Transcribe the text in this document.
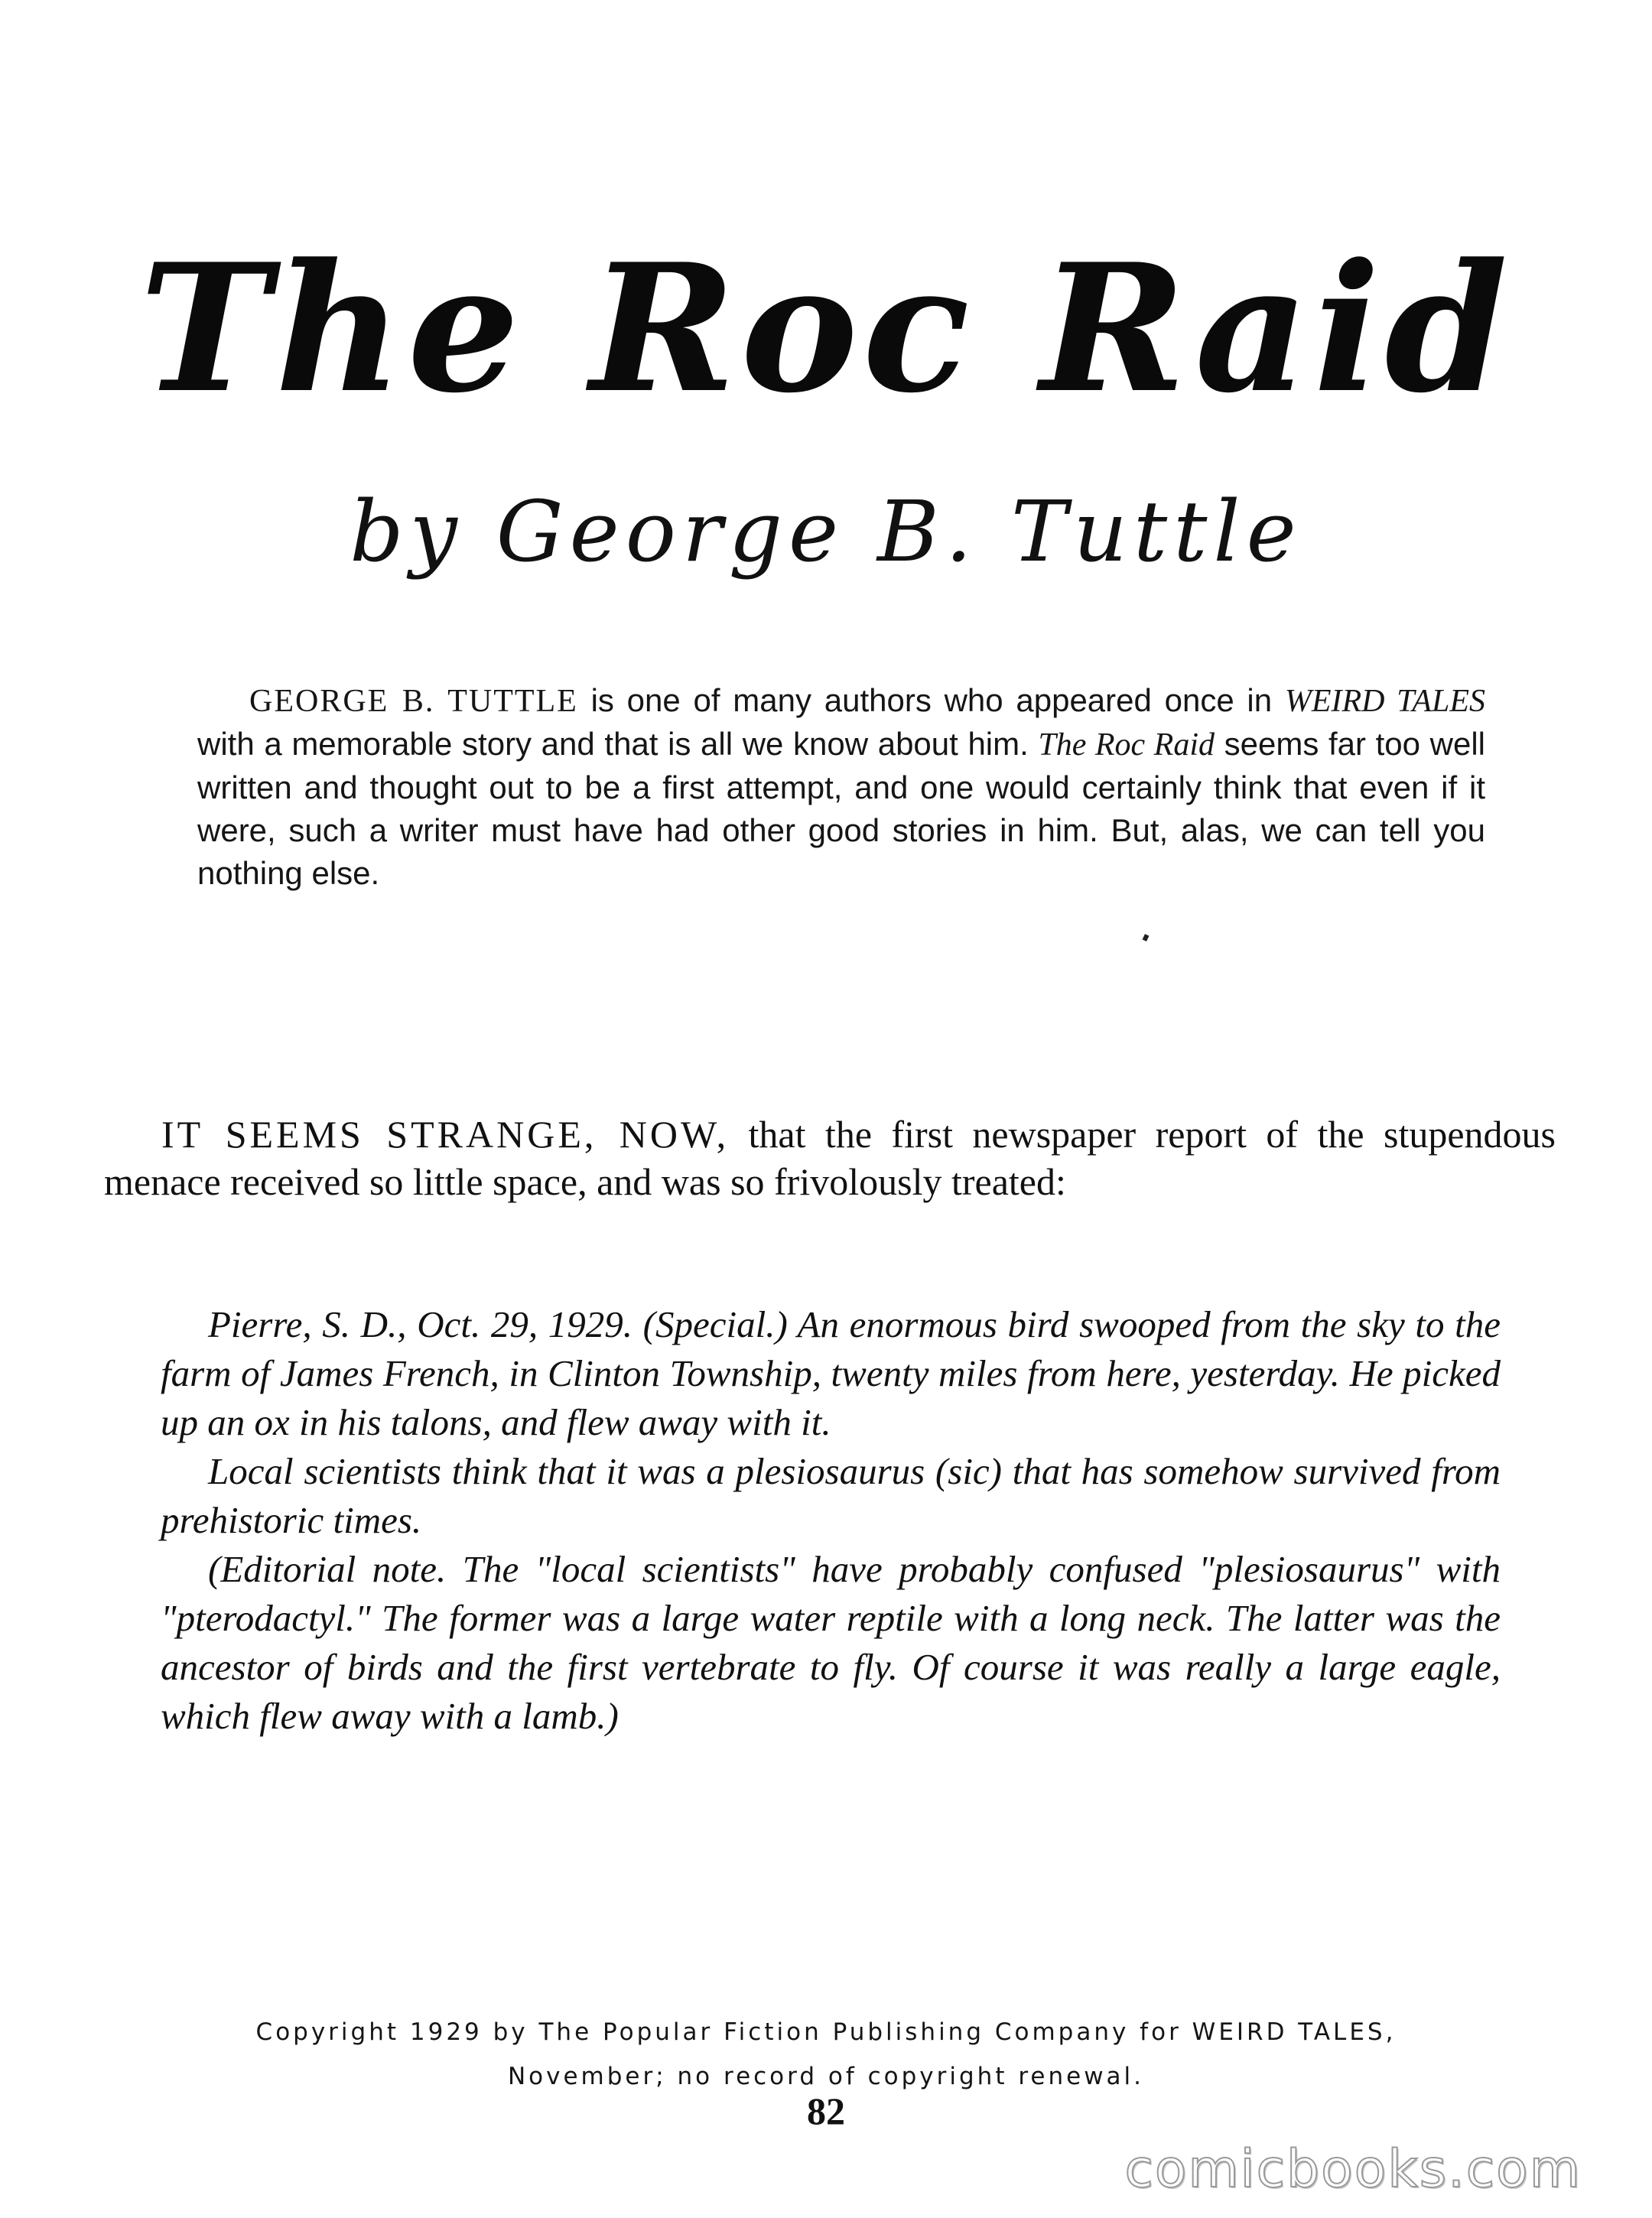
The Roc Raid
by George B. Tuttle

GEORGE B. TUTTLE is one of many authors who appeared once in WEIRD TALES with a memorable story and that is all we know about him. The Roc Raid seems far too well written and thought out to be a first attempt, and one would certainly think that even if it were, such a writer must have had other good stories in him. But, alas, we can tell you nothing else.

IT SEEMS STRANGE, NOW, that the first newspaper report of the stupendous menace received so little space, and was so frivolously treated:

Pierre, S. D., Oct. 29, 1929. (Special.) An enormous bird swooped from the sky to the farm of James French, in Clinton Township, twenty miles from here, yesterday. He picked up an ox in his talons, and flew away with it.

Local scientists think that it was a plesiosaurus (sic) that has somehow survived from prehistoric times.

(Editorial note. The "local scientists" have probably confused "plesiosaurus" with "pterodactyl." The former was a large water reptile with a long neck. The latter was the ancestor of birds and the first vertebrate to fly. Of course it was really a large eagle, which flew away with a lamb.)

Copyright 1929 by The Popular Fiction Publishing Company for WEIRD TALES,
November; no record of copyright renewal.
82
comicbooks.com
